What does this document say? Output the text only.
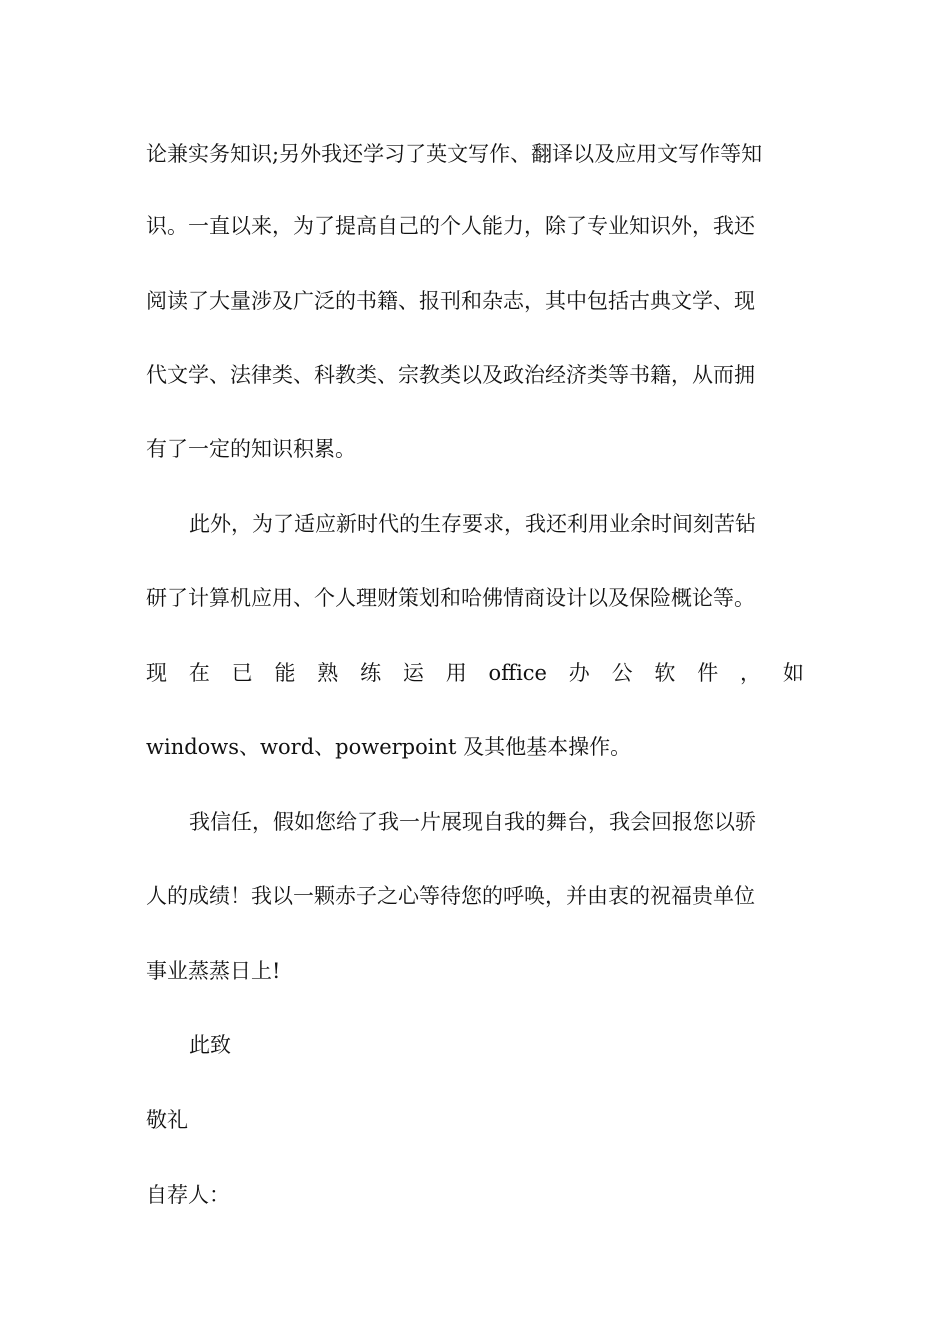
论兼实务知识;另外我还学习了英文写作、翻译以及应用文写作等知
识。一直以来，为了提高自己的个人能力，除了专业知识外，我还
阅读了大量涉及广泛的书籍、报刊和杂志，其中包括古典文学、现
代文学、法律类、科教类、宗教类以及政治经济类等书籍，从而拥
有了一定的知识积累。
此外，为了适应新时代的生存要求，我还利用业余时间刻苦钻
研了计算机应用、个人理财策划和哈佛情商设计以及保险概论等。
现 在 已 能 熟 练 运 用 office 办 公 软 件 ， 如
windows、word、powerpoint 及其他基本操作。
我信任，假如您给了我一片展现自我的舞台，我会回报您以骄
人的成绩！我以一颗赤子之心等待您的呼唤，并由衷的祝福贵单位
事业蒸蒸日上!
此致
敬礼
自荐人：
